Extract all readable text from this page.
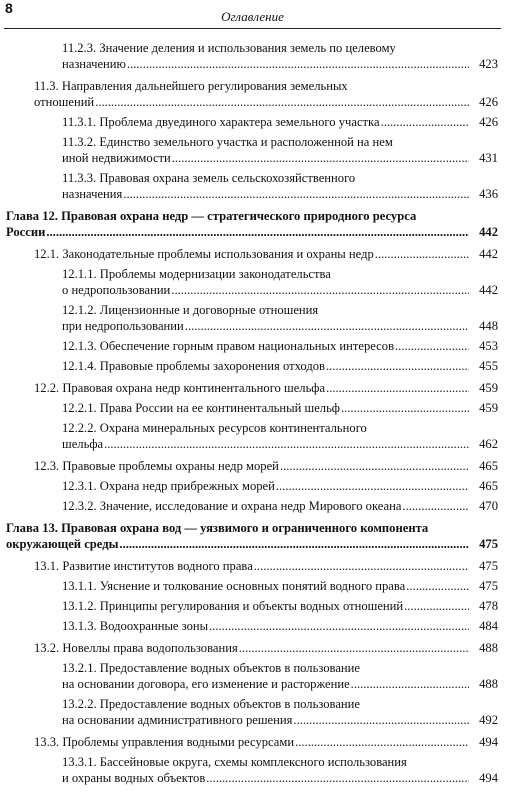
8
Оглавление
11.2.3. Значение деления и использования земель по целевому
назначению .....	423
11.3. Направления дальнейшего регулирования земельных
отношений .....	426
11.3.1. Проблема двуединого характера земельного участка .....	426
11.3.2. Единство земельного участка и расположенной на нем
иной недвижимости .....	431
11.3.3. Правовая охрана земель сельскохозяйственного
назначения .....	436
Глава 12. Правовая охрана недр — стратегического природного ресурса
России .....	442
12.1. Законодательные проблемы использования и охраны недр .....	442
12.1.1. Проблемы модернизации законодательства
о недропользовании .....	442
12.1.2. Лицензионные и договорные отношения
при недропользовании .....	448
12.1.3. Обеспечение горным правом национальных интересов .....	453
12.1.4. Правовые проблемы захоронения отходов .....	455
12.2. Правовая охрана недр континентального шельфа .....	459
12.2.1. Права России на ее континентальный шельф .....	459
12.2.2. Охрана минеральных ресурсов континентального
шельфа .....	462
12.3. Правовые проблемы охраны недр морей .....	465
12.3.1. Охрана недр прибрежных морей .....	465
12.3.2. Значение, исследование и охрана недр Мирового океана .....	470
Глава 13. Правовая охрана вод — уязвимого и ограниченного компонента
окружающей среды .....	475
13.1. Развитие институтов водного права .....	475
13.1.1. Уяснение и толкование основных понятий водного права .....	475
13.1.2. Принципы регулирования и объекты водных отношений .....	478
13.1.3. Водоохранные зоны .....	484
13.2. Новеллы права водопользования .....	488
13.2.1. Предоставление водных объектов в пользование
на основании договора, его изменение и расторжение .....	488
13.2.2. Предоставление водных объектов в пользование
на основании административного решения .....	492
13.3. Проблемы управления водными ресурсами .....	494
13.3.1. Бассейновые округа, схемы комплексного использования
и охраны водных объектов .....	494
